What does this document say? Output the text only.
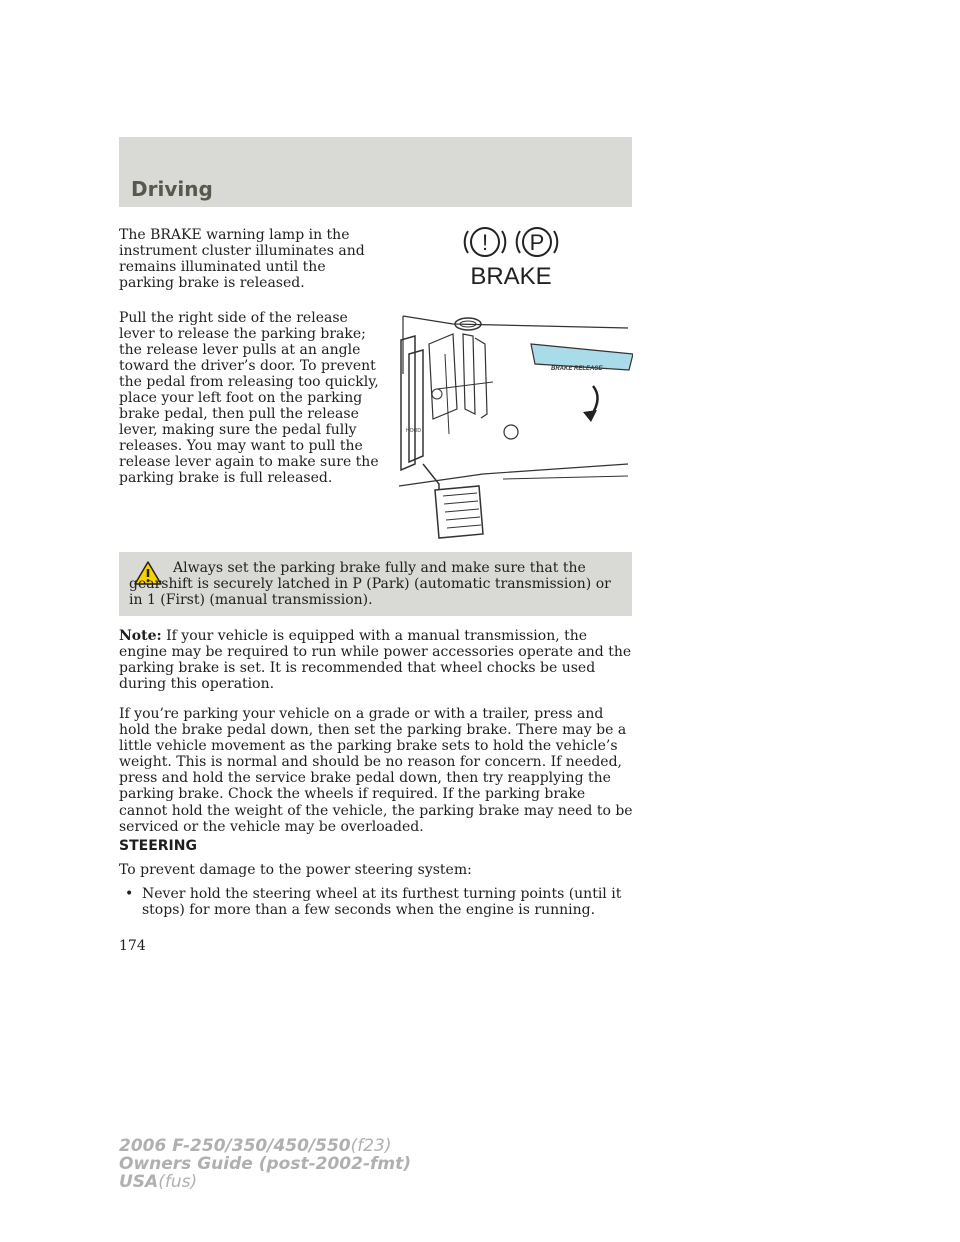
Driving
The BRAKE warning lamp in the instrument cluster illuminates and remains illuminated until the parking brake is released.
! P
BRAKE
Pull the right side of the release lever to release the parking brake; the release lever pulls at an angle toward the driver’s door. To prevent the pedal from releasing too quickly, place your left foot on the parking brake pedal, then pull the release lever, making sure the pedal fully releases. You may want to pull the release lever again to make sure the parking brake is full released.
HOOD
BRAKE RELEASE
Always set the parking brake fully and make sure that the gearshift is securely latched in P (Park) (automatic transmission) or in 1 (First) (manual transmission).
Note: If your vehicle is equipped with a manual transmission, the engine may be required to run while power accessories operate and the parking brake is set. It is recommended that wheel chocks be used during this operation.
If you’re parking your vehicle on a grade or with a trailer, press and hold the brake pedal down, then set the parking brake. There may be a little vehicle movement as the parking brake sets to hold the vehicle’s weight. This is normal and should be no reason for concern. If needed, press and hold the service brake pedal down, then try reapplying the parking brake. Chock the wheels if required. If the parking brake cannot hold the weight of the vehicle, the parking brake may need to be serviced or the vehicle may be overloaded.
STEERING
To prevent damage to the power steering system:
• Never hold the steering wheel at its furthest turning points (until it stops) for more than a few seconds when the engine is running.
174
2006 F-250/350/450/550(f23)
Owners Guide (post-2002-fmt)
USA(fus)
